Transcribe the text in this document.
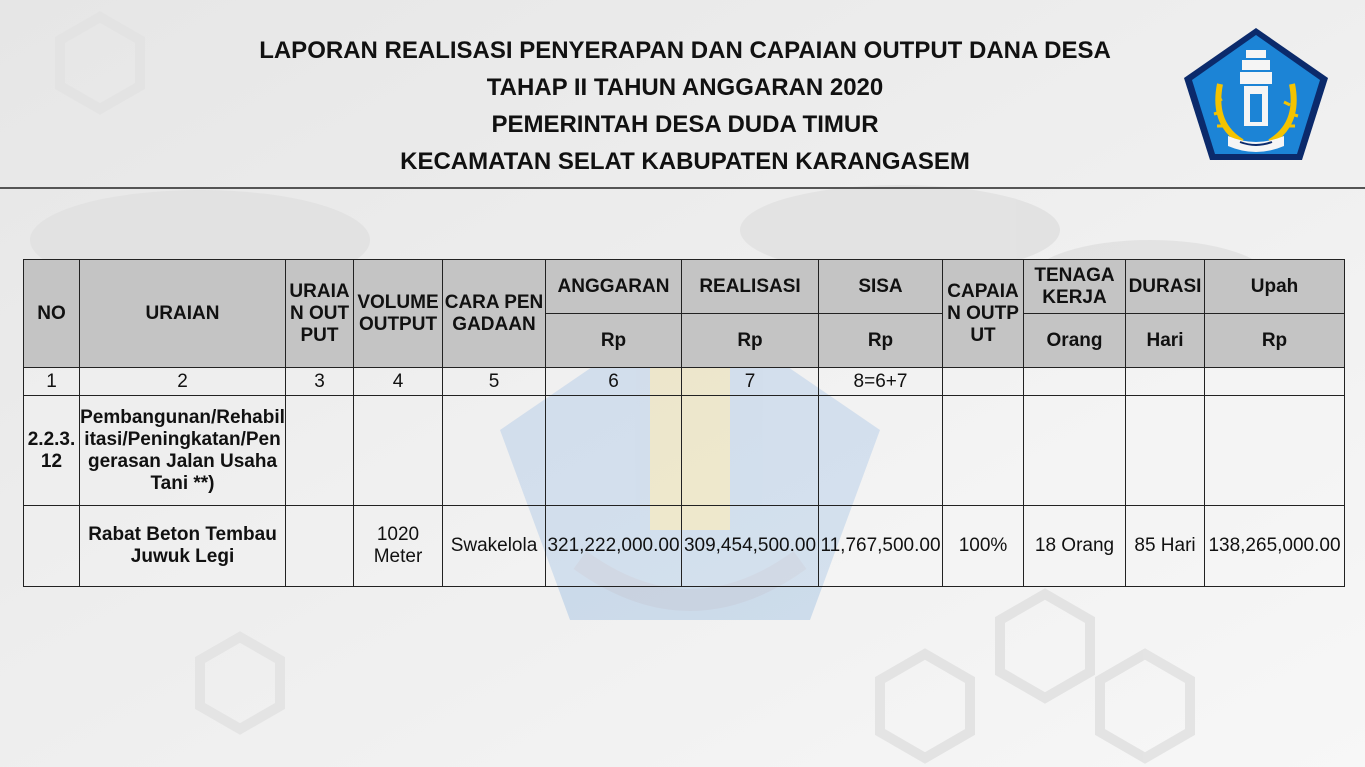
LAPORAN REALISASI PENYERAPAN DAN CAPAIAN OUTPUT DANA DESA
TAHAP II TAHUN ANGGARAN 2020
PEMERINTAH DESA DUDA TIMUR
KECAMATAN SELAT KABUPATEN KARANGASEM
NO	URAIAN	URAIAN OUTPUT	VOLUME OUTPUT	CARA PENGADAAN	ANGGARAN	REALISASI	SISA	CAPAIAN OUTPUT	TENAGA KERJA	DURASI	Upah
					Rp	Rp	Rp		Orang	Hari	Rp
1	2	3	4	5	6	7	8=6+7				
2.2.3.12	Pembangunan/Rehabilitasi/Peningkatan/Pengerasan Jalan Usaha Tani **)										
	Rabat Beton Tembau Juwuk Legi		1020 Meter	Swakelola	321,222,000.00	309,454,500.00	11,767,500.00	100%	18 Orang	85 Hari	138,265,000.00
